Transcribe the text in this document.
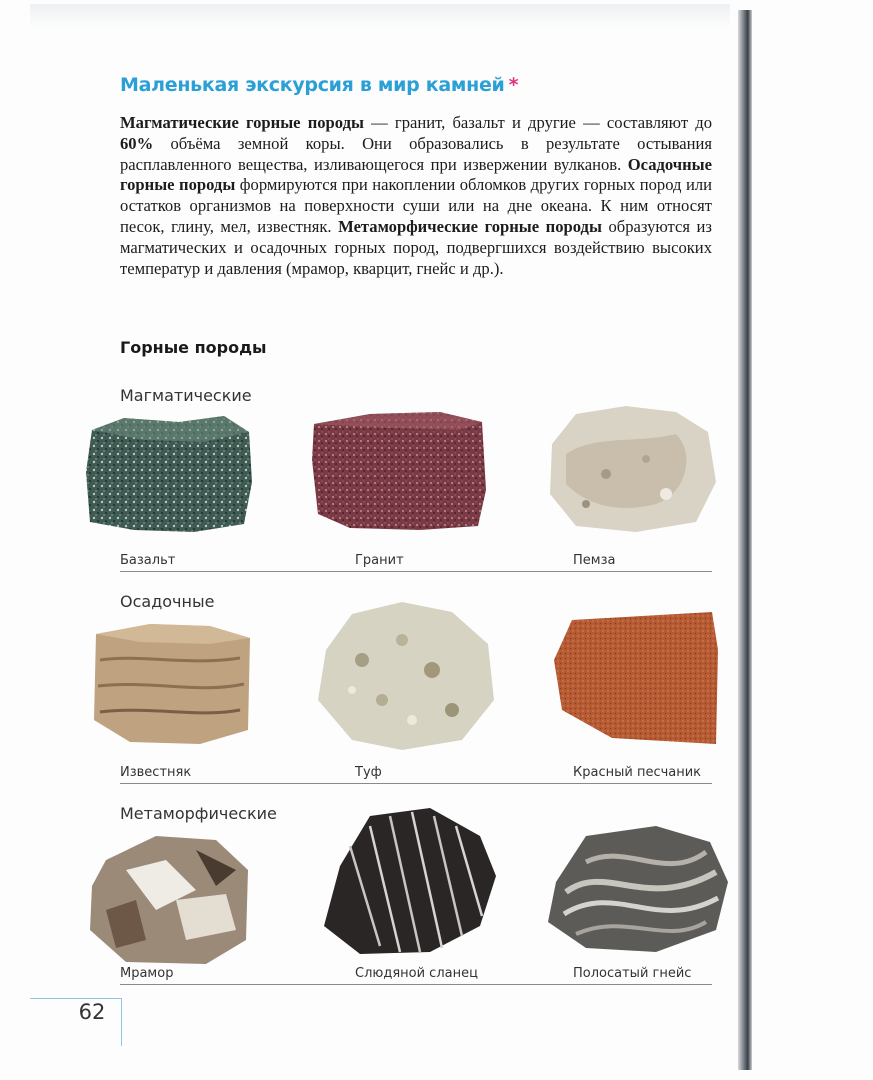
Маленькая экскурсия в мир камней *
Магматические горные породы — гранит, базальт и другие — составляют до 60% объёма земной коры. Они образовались в результате остывания расплавленного вещества, изливающегося при извержении вулканов. Осадочные горные породы формируются при накоплении обломков других горных пород или остатков организмов на поверхности суши или на дне океана. К ним относят песок, глину, мел, известняк. Метаморфические горные породы образуются из магматических и осадочных горных пород, подвергшихся воздействию высоких температур и давления (мрамор, кварцит, гнейс и др.).
Горные породы
Магматические
Базальт	Гранит	Пемза
Осадочные
Известняк	Туф	Красный песчаник
Метаморфические
Мрамор	Слюдяной сланец	Полосатый гнейс
62
